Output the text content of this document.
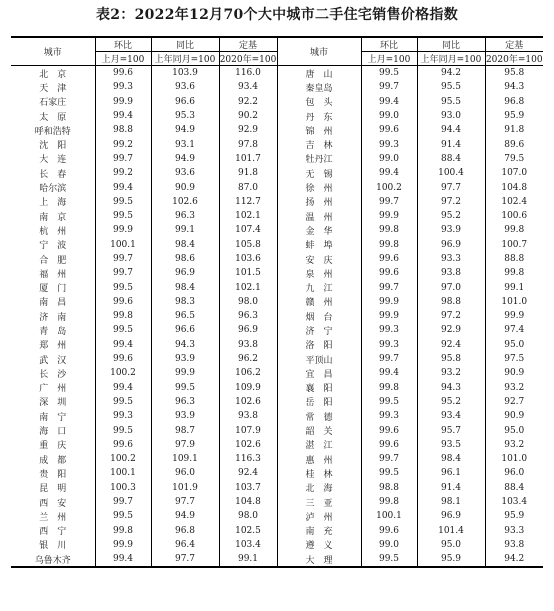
表2：2022年12月70个大中城市二手住宅销售价格指数
城市	环比	同比	定基	城市	环比	同比	定基
	上月=100	上年同月=100	2020年=100		上月=100	上年同月=100	2020年=100
北　京	99.6	103.9	116.0	唐　山	99.5	94.2	95.8
天　津	99.3	93.6	93.4	秦皇岛	99.7	95.5	94.3
石家庄	99.9	96.6	92.2	包　头	99.4	95.5	96.8
太　原	99.4	95.3	90.2	丹　东	99.0	93.0	95.9
呼和浩特	98.8	94.9	92.9	锦　州	99.6	94.4	91.8
沈　阳	99.2	93.1	97.8	吉　林	99.3	91.4	89.6
大　连	99.7	94.9	101.7	牡丹江	99.0	88.4	79.5
长　春	99.2	93.6	91.8	无　锡	99.4	100.4	107.0
哈尔滨	99.4	90.9	87.0	徐　州	100.2	97.7	104.8
上　海	99.5	102.6	112.7	扬　州	99.7	97.2	102.4
南　京	99.5	96.3	102.1	温　州	99.9	95.2	100.6
杭　州	99.9	99.1	107.4	金　华	99.8	93.9	99.8
宁　波	100.1	98.4	105.8	蚌　埠	99.8	96.9	100.7
合　肥	99.7	98.6	103.6	安　庆	99.6	93.3	88.8
福　州	99.7	96.9	101.5	泉　州	99.6	93.8	99.8
厦　门	99.5	98.4	102.1	九　江	99.7	97.0	99.1
南　昌	99.6	98.3	98.0	赣　州	99.9	98.8	101.0
济　南	99.8	96.5	96.3	烟　台	99.9	97.2	99.9
青　岛	99.5	96.6	96.9	济　宁	99.3	92.9	97.4
郑　州	99.4	94.3	93.8	洛　阳	99.3	92.4	95.0
武　汉	99.6	93.9	96.2	平顶山	99.7	95.8	97.5
长　沙	100.2	99.9	106.2	宜　昌	99.4	93.2	90.9
广　州	99.4	99.5	109.9	襄　阳	99.8	94.3	93.2
深　圳	99.5	96.3	102.6	岳　阳	99.5	95.2	92.7
南　宁	99.3	93.9	93.8	常　德	99.3	93.4	90.9
海　口	99.5	98.7	107.9	韶　关	99.6	95.7	95.0
重　庆	99.6	97.9	102.6	湛　江	99.6	93.5	93.2
成　都	100.2	109.1	116.3	惠　州	99.7	98.4	101.0
贵　阳	100.1	96.0	92.4	桂　林	99.5	96.1	96.0
昆　明	100.3	101.9	103.7	北　海	98.8	91.4	88.4
西　安	99.7	97.7	104.8	三　亚	99.8	98.1	103.4
兰　州	99.5	94.9	98.0	泸　州	100.1	96.9	95.9
西　宁	99.8	96.8	102.5	南　充	99.6	101.4	93.3
银　川	99.9	96.4	103.4	遵　义	99.0	95.0	93.8
乌鲁木齐	99.4	97.7	99.1	大　理	99.5	95.9	94.2
